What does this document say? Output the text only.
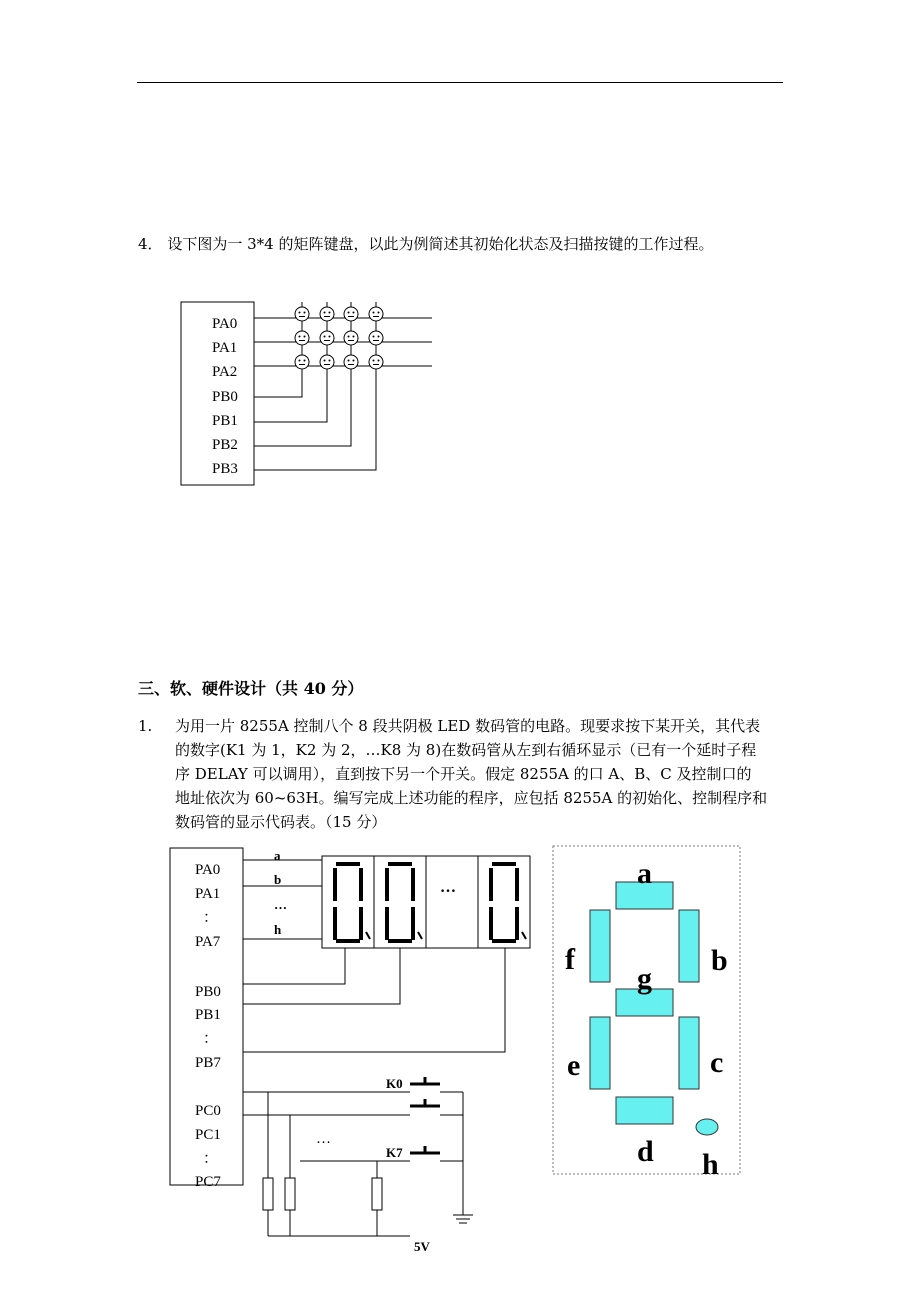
4． 设下图为一 3*4 的矩阵键盘，以此为例简述其初始化状态及扫描按键的工作过程。
PA0
PA1
PA2
PB0
PB1
PB2
PB3
PA0
PA1
：
PA7
PB0
PB1
：
PB7
PC0
PC1
：
PC7
a
b
…
h
…
K0
K7
…
5V
a
b
c
d
e
f
g
h
三、软、硬件设计（共 40 分）
1. 为用一片 8255A 控制八个 8 段共阴极 LED 数码管的电路。现要求按下某开关，其代表
的数字(K1 为 1，K2 为 2，…K8 为 8)在数码管从左到右循环显示（已有一个延时子程
序 DELAY 可以调用），直到按下另一个开关。假定 8255A 的口 A、B、C 及控制口的
地址依次为 60~63H。编写完成上述功能的程序，应包括 8255A 的初始化、控制程序和
数码管的显示代码表。（15 分）
